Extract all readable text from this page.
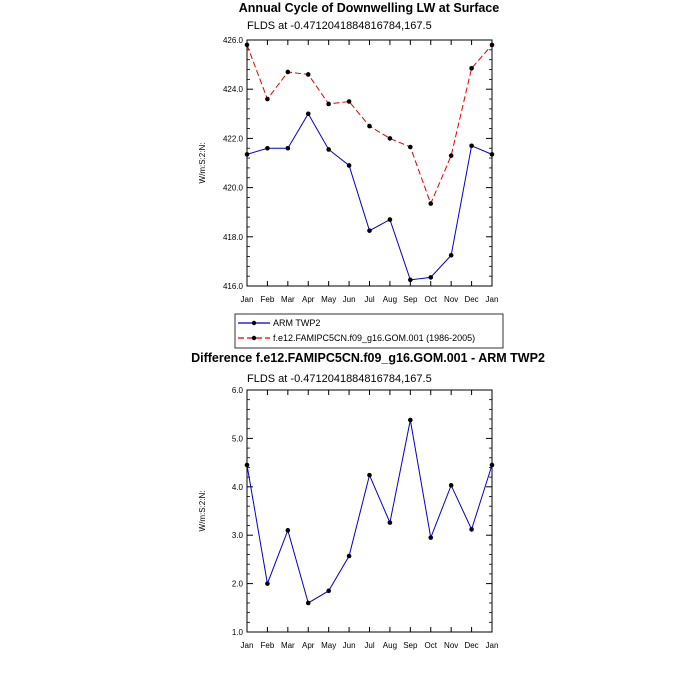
Annual Cycle of Downwelling LW at Surface
FLDS at -0.4712041884816784,167.5
W/m:S:2:N:
Jan Feb Mar Apr May Jun Jul Aug Sep Oct Nov Dec Jan
416.0
418.0
420.0
422.0
424.0
426.0
ARM TWP2
f.e12.FAMIPC5CN.f09_g16.GOM.001 (1986-2005)
Difference f.e12.FAMIPC5CN.f09_g16.GOM.001 - ARM TWP2
FLDS at -0.4712041884816784,167.5
W/m:S:2:N:
Jan Feb Mar Apr May Jun Jul Aug Sep Oct Nov Dec Jan
1.0
2.0
3.0
4.0
5.0
6.0
